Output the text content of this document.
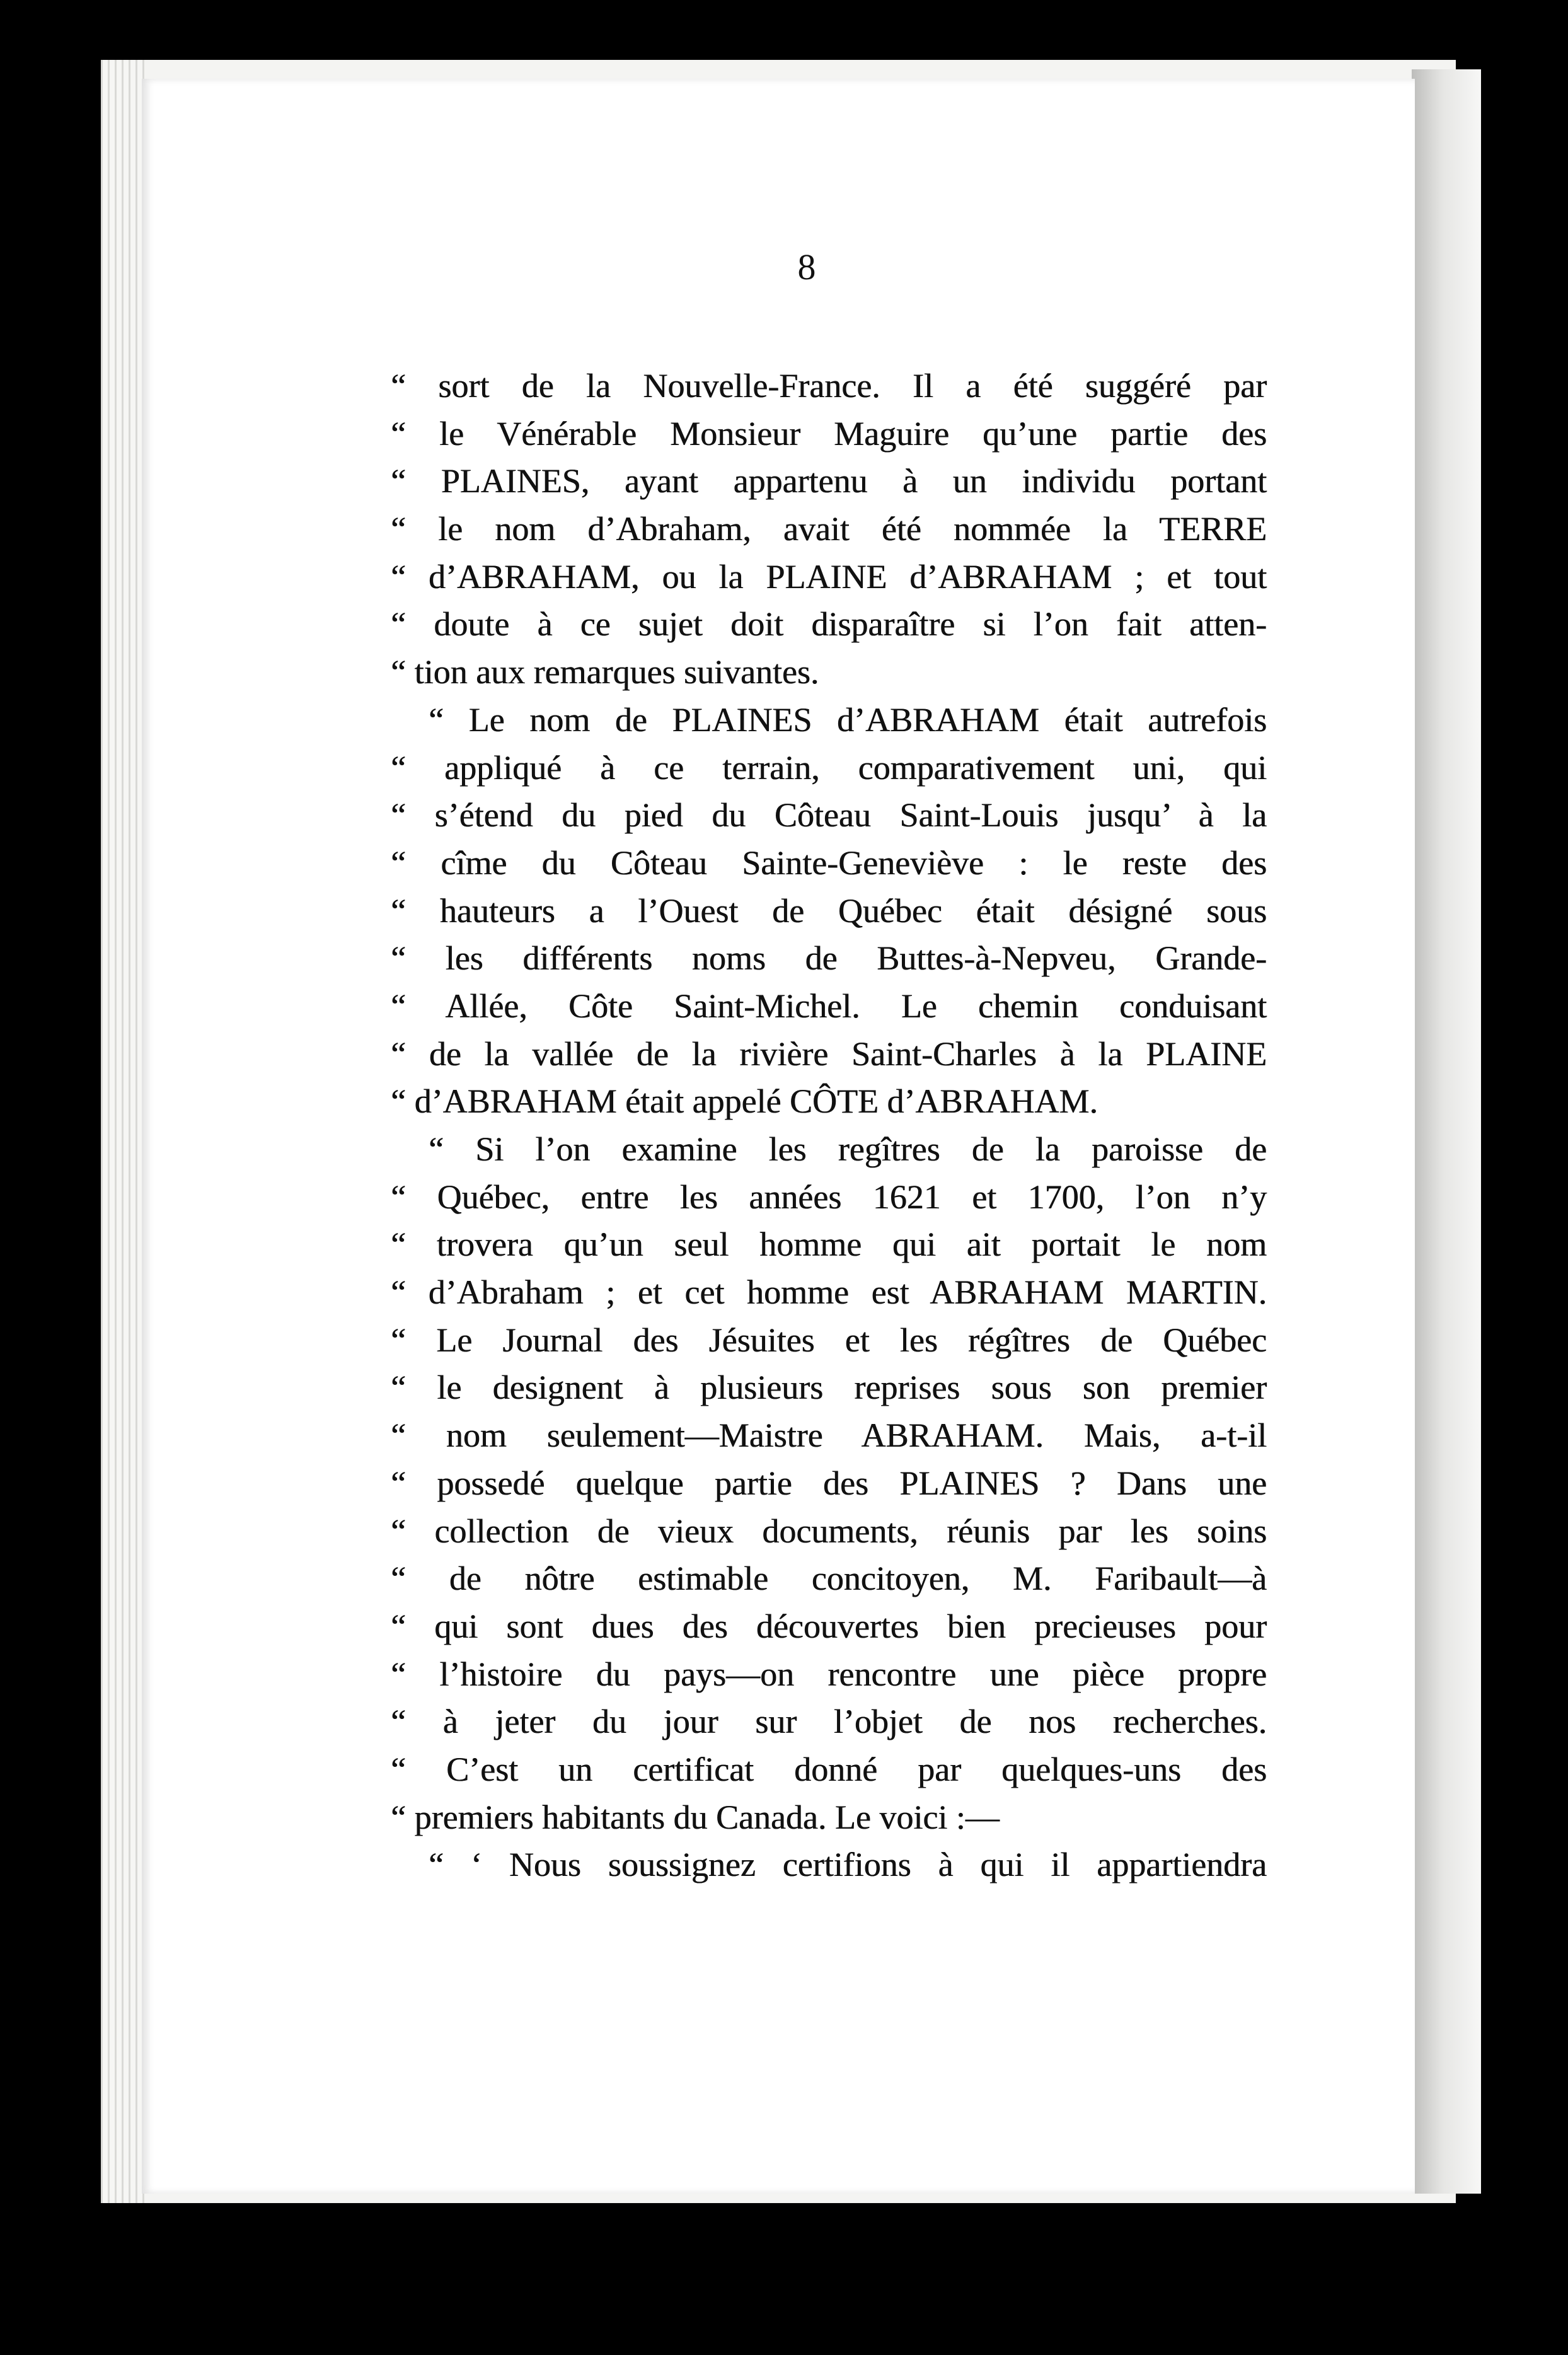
8
“ sort de la Nouvelle-France. Il a été suggéré par
“ le Vénérable Monsieur Maguire qu’une partie des
“ PLAINES, ayant appartenu à un individu portant
“ le nom d’Abraham, avait été nommée la TERRE
“ d’ABRAHAM, ou la PLAINE d’ABRAHAM ; et tout
“ doute à ce sujet doit disparaître si l’on fait atten-
“ tion aux remarques suivantes.
“ Le nom de PLAINES d’ABRAHAM était autrefois
“ appliqué à ce terrain, comparativement uni, qui
“ s’étend du pied du Côteau Saint-Louis jusqu’ à la
“ cîme du Côteau Sainte-Geneviève : le reste des
“ hauteurs a l’Ouest de Québec était désigné sous
“ les différents noms de Buttes-à-Nepveu, Grande-
“ Allée, Côte Saint-Michel. Le chemin conduisant
“ de la vallée de la rivière Saint-Charles à la PLAINE
“ d’ABRAHAM était appelé CÔTE d’ABRAHAM.
“ Si l’on examine les regîtres de la paroisse de
“ Québec, entre les années 1621 et 1700, l’on n’y
“ trovera qu’un seul homme qui ait portait le nom
“ d’Abraham ; et cet homme est ABRAHAM MARTIN.
“ Le Journal des Jésuites et les régîtres de Québec
“ le designent à plusieurs reprises sous son premier
“ nom seulement—Maistre ABRAHAM. Mais, a-t-il
“ possedé quelque partie des PLAINES ? Dans une
“ collection de vieux documents, réunis par les soins
“ de nôtre estimable concitoyen, M. Faribault—à
“ qui sont dues des découvertes bien precieuses pour
“ l’histoire du pays—on rencontre une pièce propre
“ à jeter du jour sur l’objet de nos recherches.
“ C’est un certificat donné par quelques-uns des
“ premiers habitants du Canada. Le voici :—
“ ‘ Nous soussignez certifions à qui il appartiendra
